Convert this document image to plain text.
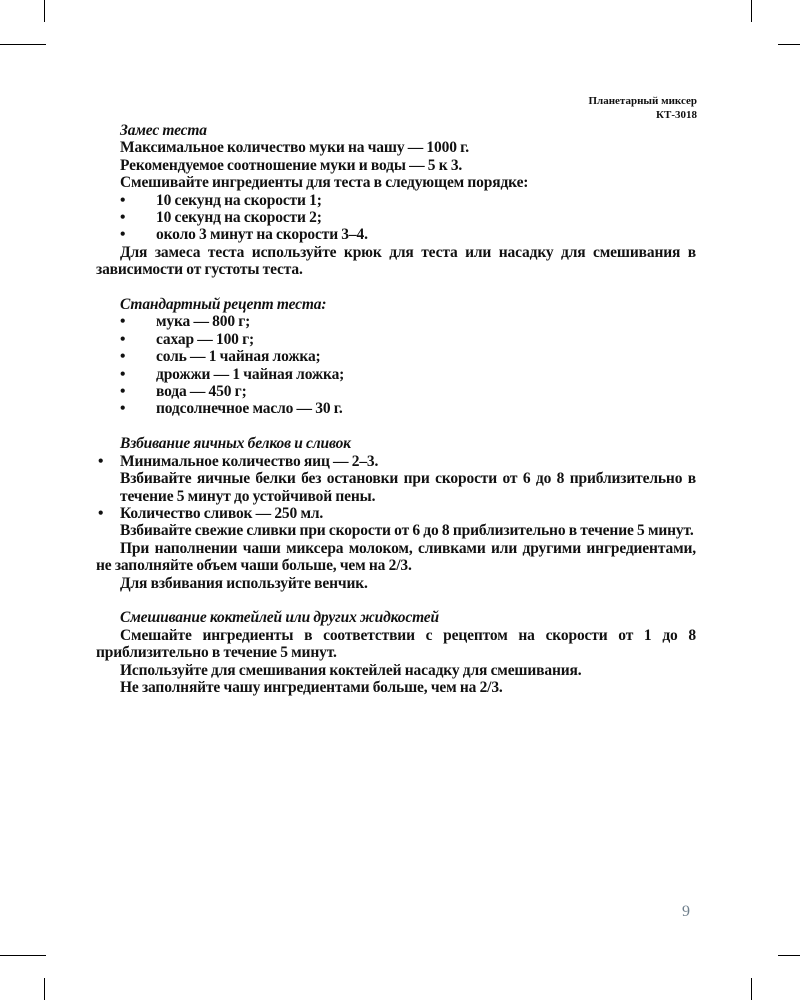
Планетарный миксер
КТ-3018

Замес теста

Максимальное количество муки на чашу — 1000 г.

Рекомендуемое соотношение муки и воды — 5 к 3.

Смешивайте ингредиенты для теста в следующем порядке:

• 10 секунд на скорости 1;

• 10 секунд на скорости 2;

• около 3 минут на скорости 3–4.

Для замеса теста используйте крюк для теста или насадку для смешивания в зависимости от густоты теста.

Стандартный рецепт теста:

• мука — 800 г;

• сахар — 100 г;

• соль — 1 чайная ложка;

• дрожжи — 1 чайная ложка;

• вода — 450 г;

• подсолнечное масло — 30 г.

Взбивание яичных белков и сливок

• Минимальное количество яиц — 2–3.

Взбивайте яичные белки без остановки при скорости от 6 до 8 приблизительно в течение 5 минут до устойчивой пены.

• Количество сливок — 250 мл.

Взбивайте свежие сливки при скорости от 6 до 8 приблизительно в течение 5 минут.

При наполнении чаши миксера молоком, сливками или другими ингредиентами, не заполняйте объем чаши больше, чем на 2/3.

Для взбивания используйте венчик.

Смешивание коктейлей или других жидкостей

Смешайте ингредиенты в соответствии с рецептом на скорости от 1 до 8 приблизительно в течение 5 минут.

Используйте для смешивания коктейлей насадку для смешивания.

Не заполняйте чашу ингредиентами больше, чем на 2/3.

9
